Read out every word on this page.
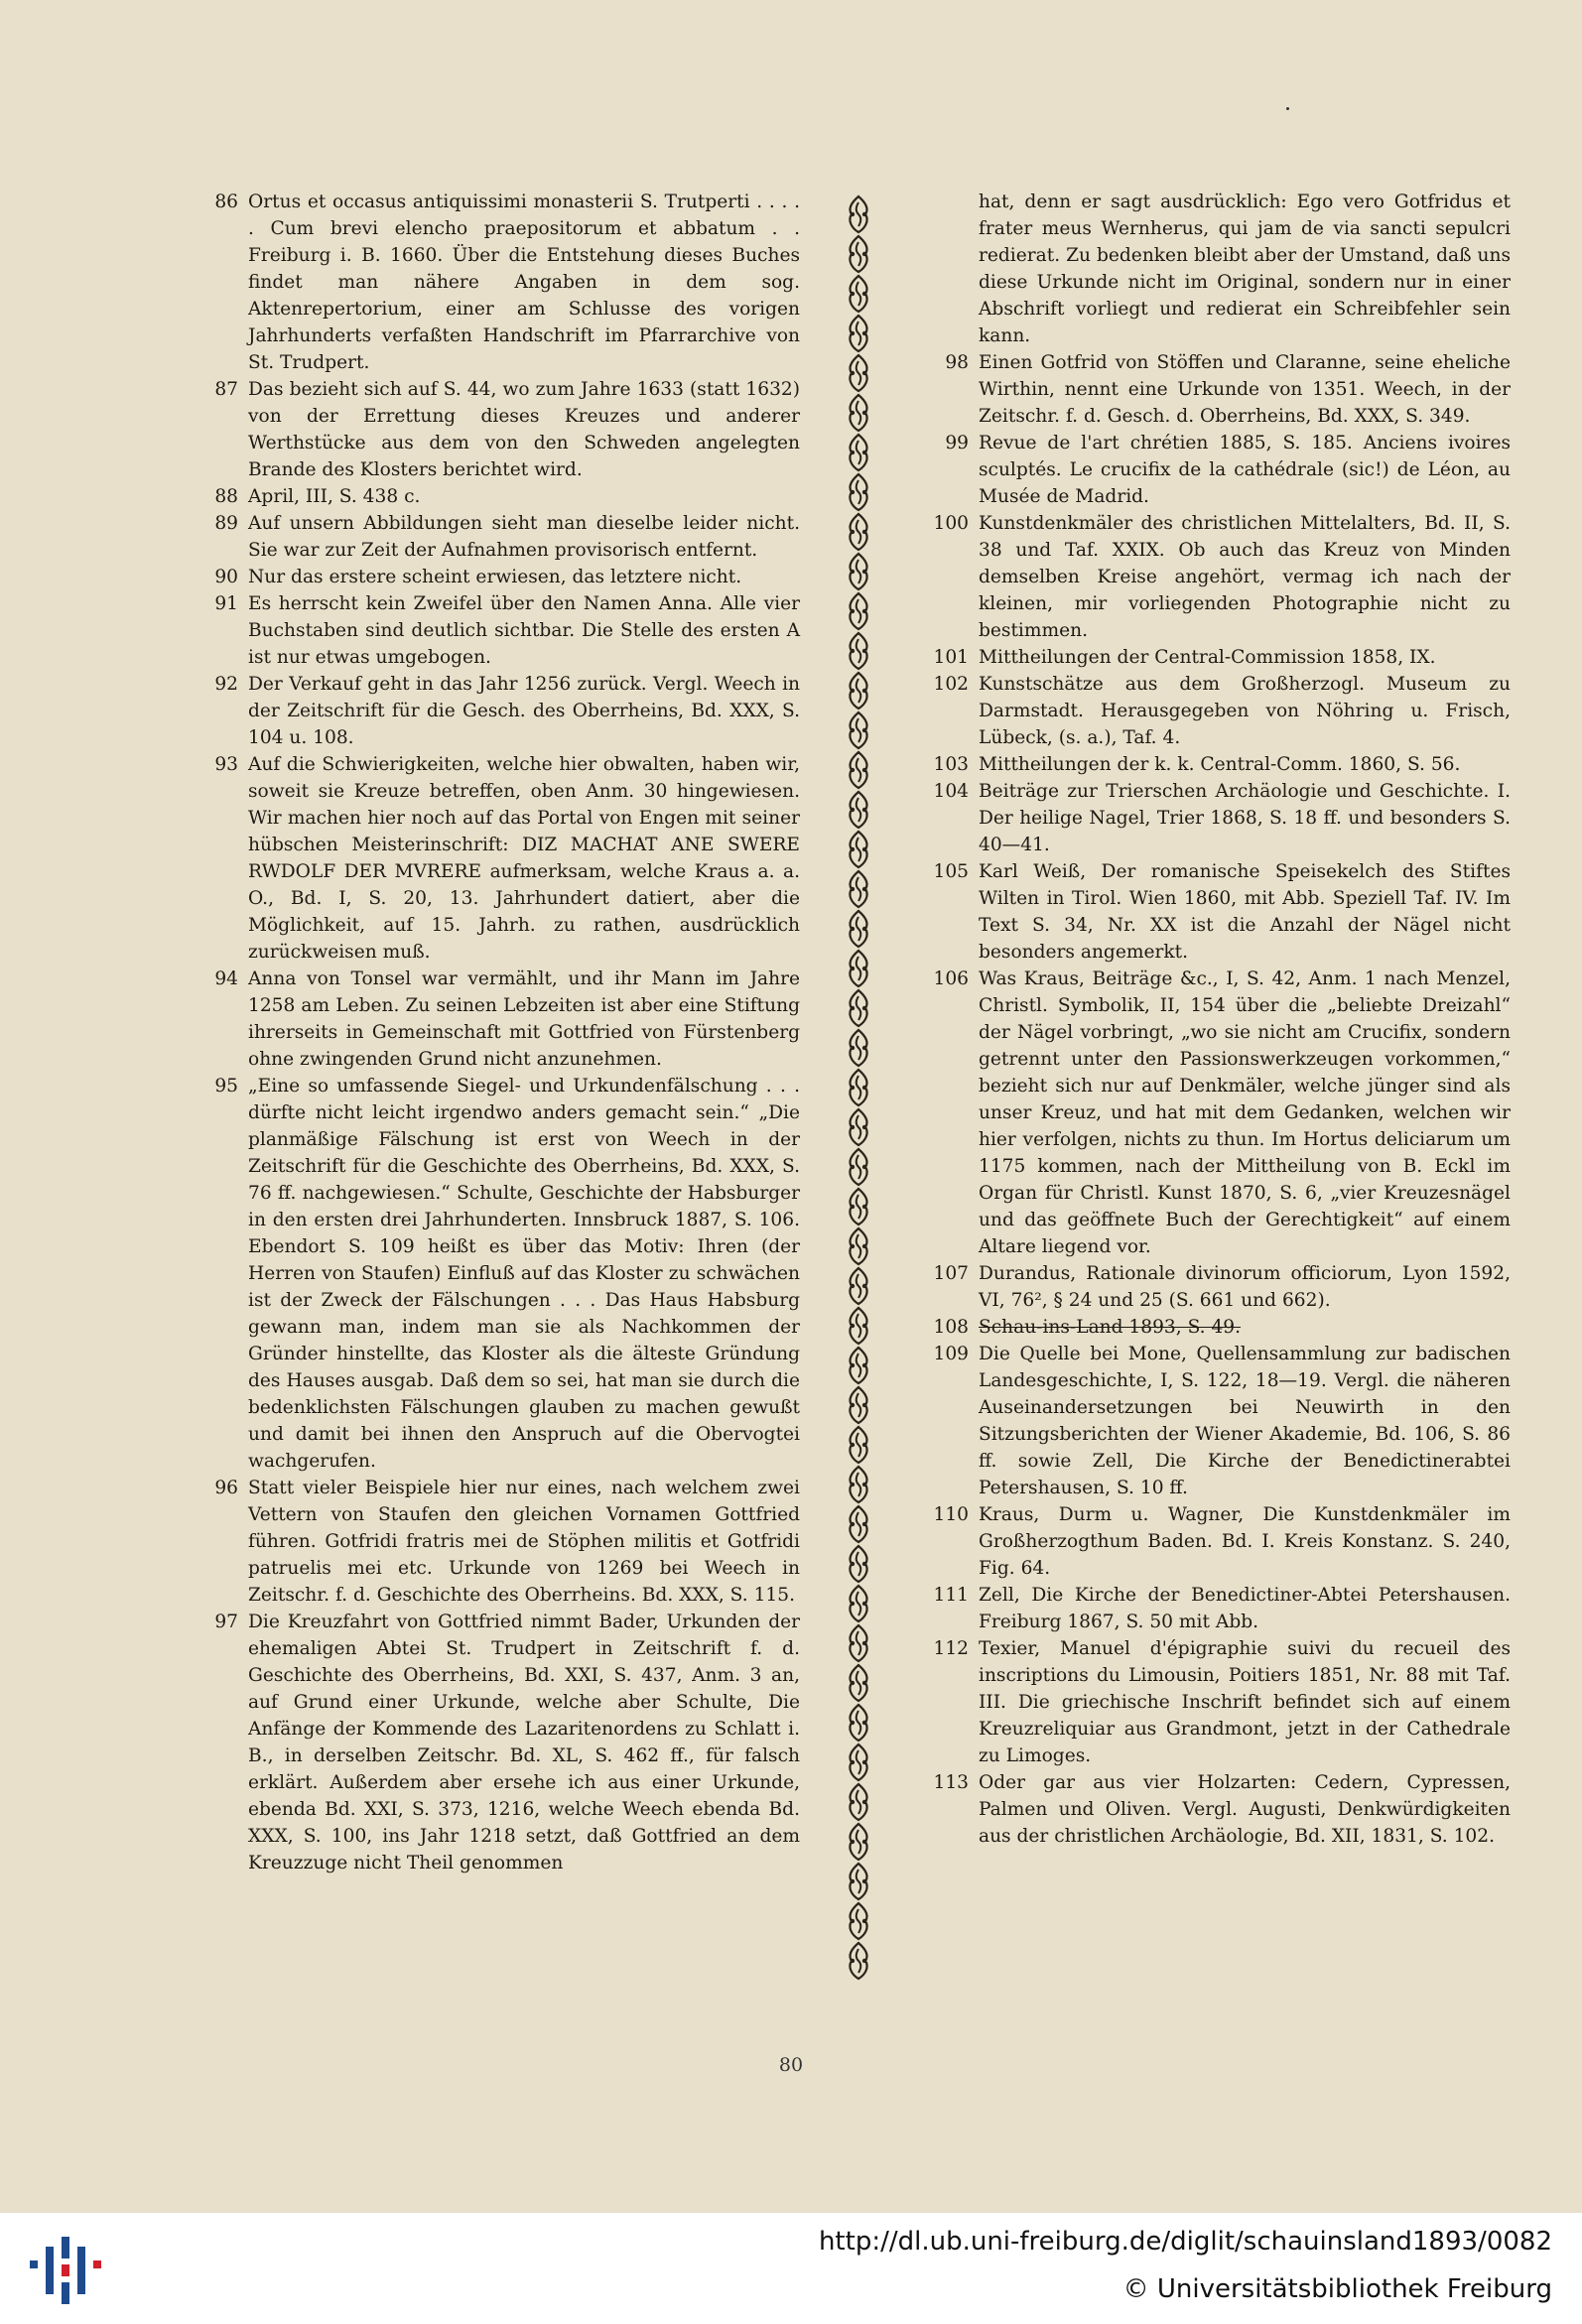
86 Ortus et occasus antiquissimi monasterii S. Trutperti . . . . . Cum brevi elencho praepositorum et abbatum . . Freiburg i. B. 1660. Über die Entstehung dieses Buches findet man nähere Angaben in dem sog. Aktenrepertorium, einer am Schlusse des vorigen Jahrhunderts verfaßten Handschrift im Pfarrarchive von St. Trudpert.
87 Das bezieht sich auf S. 44, wo zum Jahre 1633 (statt 1632) von der Errettung dieses Kreuzes und anderer Werthstücke aus dem von den Schweden angelegten Brande des Klosters berichtet wird.
88 April, III, S. 438 c.
89 Auf unsern Abbildungen sieht man dieselbe leider nicht. Sie war zur Zeit der Aufnahmen provisorisch entfernt.
90 Nur das erstere scheint erwiesen, das letztere nicht.
91 Es herrscht kein Zweifel über den Namen Anna. Alle vier Buchstaben sind deutlich sichtbar. Die Stelle des ersten A ist nur etwas umgebogen.
92 Der Verkauf geht in das Jahr 1256 zurück. Vergl. Weech in der Zeitschrift für die Gesch. des Oberrheins, Bd. XXX, S. 104 u. 108.
93 Auf die Schwierigkeiten, welche hier obwalten, haben wir, soweit sie Kreuze betreffen, oben Anm. 30 hingewiesen. Wir machen hier noch auf das Portal von Engen mit seiner hübschen Meisterinschrift: DIZ MACHAT ANE SWERE RWDOLF DER MVRERE aufmerksam, welche Kraus a. a. O., Bd. I, S. 20, 13. Jahrhundert datiert, aber die Möglichkeit, auf 15. Jahrh. zu rathen, ausdrücklich zurückweisen muß.
94 Anna von Tonsel war vermählt, und ihr Mann im Jahre 1258 am Leben. Zu seinen Lebzeiten ist aber eine Stiftung ihrerseits in Gemeinschaft mit Gottfried von Fürstenberg ohne zwingenden Grund nicht anzunehmen.
95 „Eine so umfassende Siegel- und Urkundenfälschung . . . dürfte nicht leicht irgendwo anders gemacht sein.“ „Die planmäßige Fälschung ist erst von Weech in der Zeitschrift für die Geschichte des Oberrheins, Bd. XXX, S. 76 ff. nachgewiesen.“ Schulte, Geschichte der Habsburger in den ersten drei Jahrhunderten. Innsbruck 1887, S. 106. Ebendort S. 109 heißt es über das Motiv: Ihren (der Herren von Staufen) Einfluß auf das Kloster zu schwächen ist der Zweck der Fälschungen . . . Das Haus Habsburg gewann man, indem man sie als Nachkommen der Gründer hinstellte, das Kloster als die älteste Gründung des Hauses ausgab. Daß dem so sei, hat man sie durch die bedenklichsten Fälschungen glauben zu machen gewußt und damit bei ihnen den Anspruch auf die Obervogtei wachgerufen.
96 Statt vieler Beispiele hier nur eines, nach welchem zwei Vettern von Staufen den gleichen Vornamen Gottfried führen. Gotfridi fratris mei de Stöphen militis et Gotfridi patruelis mei etc. Urkunde von 1269 bei Weech in Zeitschr. f. d. Geschichte des Oberrheins. Bd. XXX, S. 115.
97 Die Kreuzfahrt von Gottfried nimmt Bader, Urkunden der ehemaligen Abtei St. Trudpert in Zeitschrift f. d. Geschichte des Oberrheins, Bd. XXI, S. 437, Anm. 3 an, auf Grund einer Urkunde, welche aber Schulte, Die Anfänge der Kommende des Lazaritenordens zu Schlatt i. B., in derselben Zeitschr. Bd. XL, S. 462 ff., für falsch erklärt. Außerdem aber ersehe ich aus einer Urkunde, ebenda Bd. XXI, S. 373, 1216, welche Weech ebenda Bd. XXX, S. 100, ins Jahr 1218 setzt, daß Gottfried an dem Kreuzzuge nicht Theil genommen
hat, denn er sagt ausdrücklich: Ego vero Gotfridus et frater meus Wernherus, qui jam de via sancti sepulcri redierat. Zu bedenken bleibt aber der Umstand, daß uns diese Urkunde nicht im Original, sondern nur in einer Abschrift vorliegt und redierat ein Schreibfehler sein kann.
98 Einen Gotfrid von Stöffen und Claranne, seine eheliche Wirthin, nennt eine Urkunde von 1351. Weech, in der Zeitschr. f. d. Gesch. d. Oberrheins, Bd. XXX, S. 349.
99 Revue de l'art chrétien 1885, S. 185. Anciens ivoires sculptés. Le crucifix de la cathédrale (sic!) de Léon, au Musée de Madrid.
100 Kunstdenkmäler des christlichen Mittelalters, Bd. II, S. 38 und Taf. XXIX. Ob auch das Kreuz von Minden demselben Kreise angehört, vermag ich nach der kleinen, mir vorliegenden Photographie nicht zu bestimmen.
101 Mittheilungen der Central-Commission 1858, IX.
102 Kunstschätze aus dem Großherzogl. Museum zu Darmstadt. Herausgegeben von Nöhring u. Frisch, Lübeck, (s. a.), Taf. 4.
103 Mittheilungen der k. k. Central-Comm. 1860, S. 56.
104 Beiträge zur Trierschen Archäologie und Geschichte. I. Der heilige Nagel, Trier 1868, S. 18 ff. und besonders S. 40—41.
105 Karl Weiß, Der romanische Speisekelch des Stiftes Wilten in Tirol. Wien 1860, mit Abb. Speziell Taf. IV. Im Text S. 34, Nr. XX ist die Anzahl der Nägel nicht besonders angemerkt.
106 Was Kraus, Beiträge &c., I, S. 42, Anm. 1 nach Menzel, Christl. Symbolik, II, 154 über die „beliebte Dreizahl“ der Nägel vorbringt, „wo sie nicht am Crucifix, sondern getrennt unter den Passionswerkzeugen vorkommen,“ bezieht sich nur auf Denkmäler, welche jünger sind als unser Kreuz, und hat mit dem Gedanken, welchen wir hier verfolgen, nichts zu thun. Im Hortus deliciarum um 1175 kommen, nach der Mittheilung von B. Eckl im Organ für Christl. Kunst 1870, S. 6, „vier Kreuzesnägel und das geöffnete Buch der Gerechtigkeit“ auf einem Altare liegend vor.
107 Durandus, Rationale divinorum officiorum, Lyon 1592, VI, 76², § 24 und 25 (S. 661 und 662).
108 Schau-ins-Land 1893, S. 49.
109 Die Quelle bei Mone, Quellensammlung zur badischen Landesgeschichte, I, S. 122, 18—19. Vergl. die näheren Auseinandersetzungen bei Neuwirth in den Sitzungsberichten der Wiener Akademie, Bd. 106, S. 86 ff. sowie Zell, Die Kirche der Benedictinerabtei Petershausen, S. 10 ff.
110 Kraus, Durm u. Wagner, Die Kunstdenkmäler im Großherzogthum Baden. Bd. I. Kreis Konstanz. S. 240, Fig. 64.
111 Zell, Die Kirche der Benedictiner-Abtei Petershausen. Freiburg 1867, S. 50 mit Abb.
112 Texier, Manuel d'épigraphie suivi du recueil des inscriptions du Limousin, Poitiers 1851, Nr. 88 mit Taf. III. Die griechische Inschrift befindet sich auf einem Kreuzreliquiar aus Grandmont, jetzt in der Cathedrale zu Limoges.
113 Oder gar aus vier Holzarten: Cedern, Cypressen, Palmen und Oliven. Vergl. Augusti, Denkwürdigkeiten aus der christlichen Archäologie, Bd. XII, 1831, S. 102.
80
http://dl.ub.uni-freiburg.de/diglit/schauinsland1893/0082
© Universitätsbibliothek Freiburg
